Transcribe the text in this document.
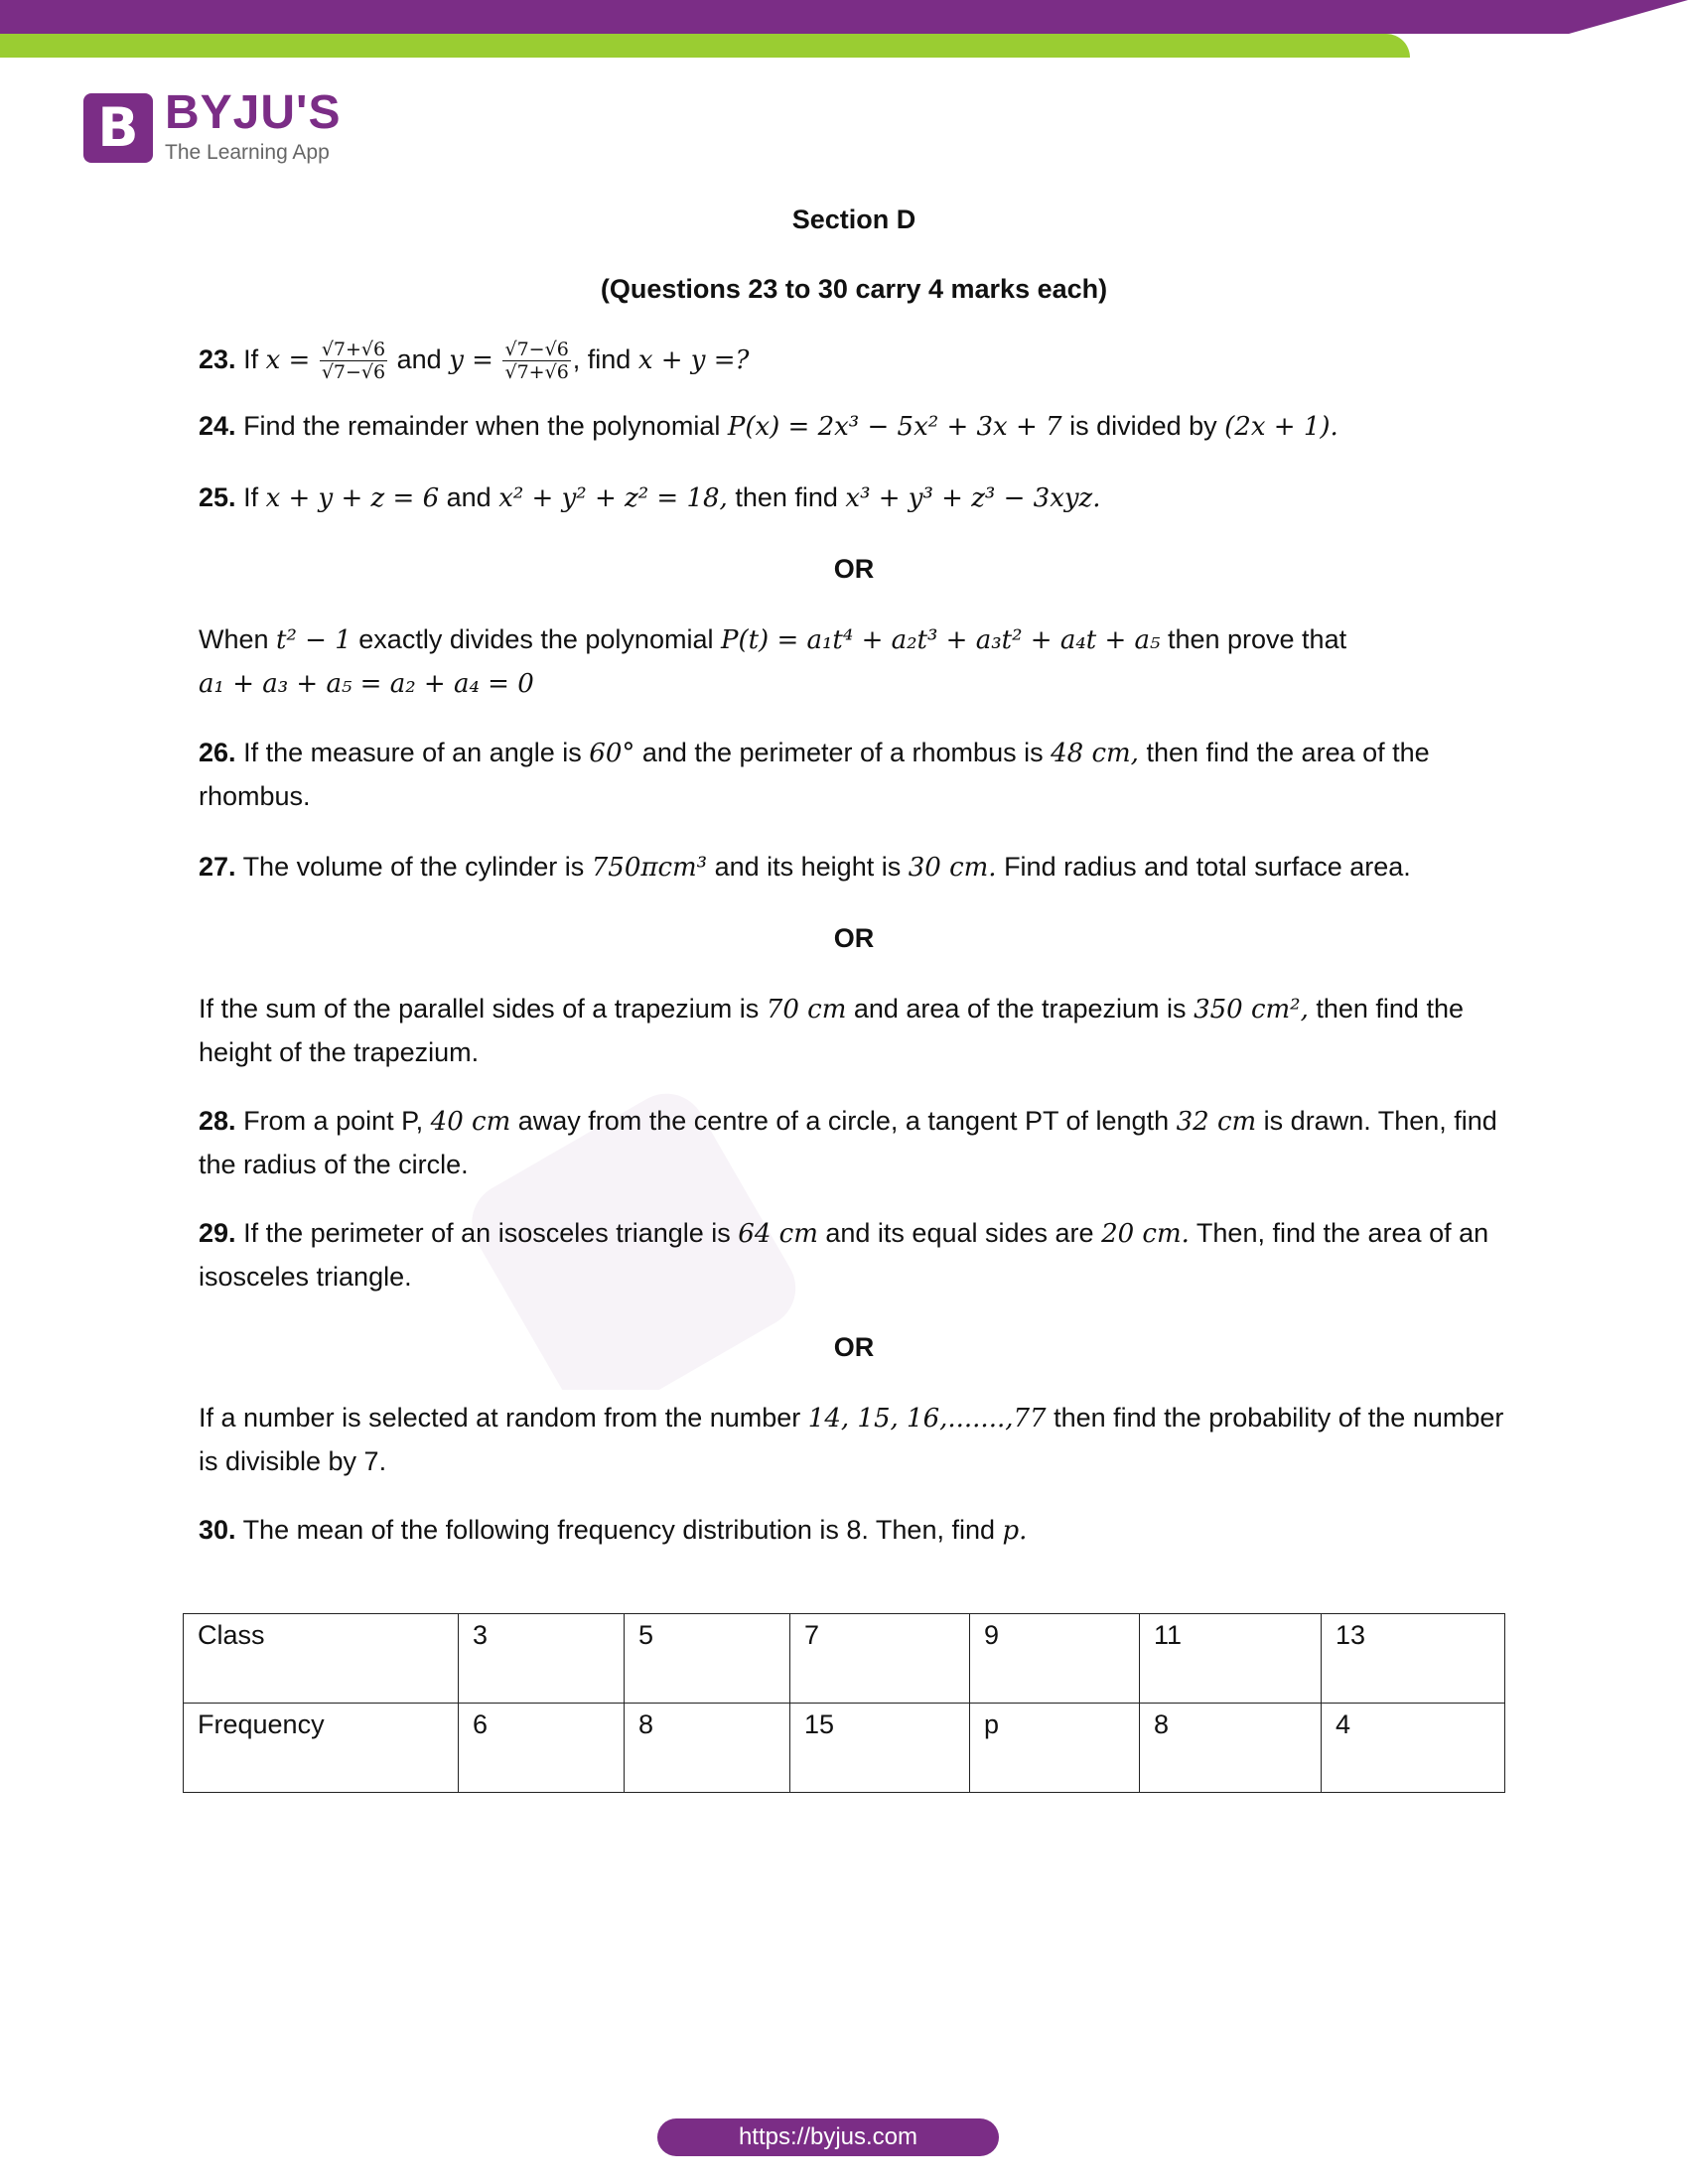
B BYJU'S
The Learning App

Section D

(Questions 23 to 30 carry 4 marks each)

23. If $x = \frac{√7+√6}{√7-√6}$ and $y = \frac{√7-√6}{√7+√6}$ , find x + y =?

24. Find the remainder when the polynomial P(x) = 2x³ − 5x² + 3x + 7 is divided by (2x + 1).

25. If x + y + z = 6 and x² + y² + z² = 18, then find x³ + y³ + z³ − 3xyz.

OR

When t² − 1 exactly divides the polynomial P(t) = a₁t⁴ + a₂t³ + a₃t² + a₄t + a₅ then prove that
a₁ + a₃ + a₅ = a₂ + a₄ = 0

26. If the measure of an angle is 60° and the perimeter of a rhombus is 48 cm, then find the area of the rhombus.

27. The volume of the cylinder is 750πcm³ and its height is 30 cm. Find radius and total surface area.

OR

If the sum of the parallel sides of a trapezium is 70 cm and area of the trapezium is 350 cm², then find the height of the trapezium.

28. From a point P, 40 cm away from the centre of a circle, a tangent PT of length 32 cm is drawn. Then, find the radius of the circle.

29. If the perimeter of an isosceles triangle is 64 cm and its equal sides are 20 cm. Then, find the area of an isosceles triangle.

OR

If a number is selected at random from the number 14, 15, 16,.......,77 then find the probability of the number is divisible by 7.

30. The mean of the following frequency distribution is 8. Then, find p.

Class	3	5	7	9	11	13
Frequency	6	8	15	p	8	4
https://byjus.com
